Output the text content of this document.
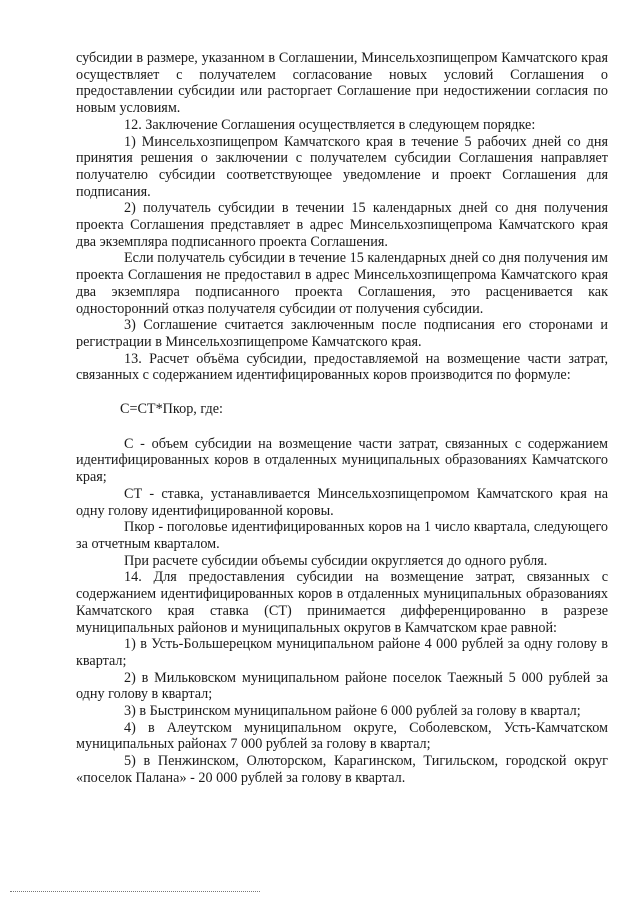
субсидии в размере, указанном в Соглашении, Минсельхозпищепром Камчатского края осуществляет с получателем согласование новых условий Соглашения о предоставлении субсидии или расторгает Соглашение при недостижении согласия по новым условиям.

12. Заключение Соглашения осуществляется в следующем порядке:

1) Минсельхозпищепром Камчатского края в течение 5 рабочих дней со дня принятия решения о заключении с получателем субсидии Соглашения направляет получателю субсидии соответствующее уведомление и проект Соглашения для подписания.

2) получатель субсидии в течении 15 календарных дней со дня получения проекта Соглашения представляет в адрес Минсельхозпищепрома Камчатского края два экземпляра подписанного проекта Соглашения.

Если получатель субсидии в течение 15 календарных дней со дня получения им проекта Соглашения не предоставил в адрес Минсельхозпищепрома Камчатского края два экземпляра подписанного проекта Соглашения, это расценивается как односторонний отказ получателя субсидии от получения субсидии.

3) Соглашение считается заключенным после подписания его сторонами и регистрации в Минсельхозпищепромe Камчатского края.

13. Расчет объёма субсидии, предоставляемой на возмещение части затрат, связанных с содержанием идентифицированных коров производится по формуле:

С=СТ*Пкор, где:

С - объем субсидии на возмещение части затрат, связанных с содержанием идентифицированных коров в отдаленных муниципальных образованиях Камчатского края;

СТ - ставка, устанавливается Минсельхозпищепромом Камчатского края на одну голову идентифицированной коровы.

Пкор - поголовье идентифицированных коров на 1 число квартала, следующего за отчетным кварталом.

При расчете субсидии объемы субсидии округляется до одного рубля.

14. Для предоставления субсидии на возмещение затрат, связанных с содержанием идентифицированных коров в отдаленных муниципальных образованиях Камчатского края ставка (СТ) принимается дифференцированно в разрезе муниципальных районов и муниципальных округов в Камчатском крае равной:

1) в Усть-Большерецком муниципальном районе 4 000 рублей за одну голову в квартал;

2) в Мильковском муниципальном районе поселок Таежный 5 000 рублей за одну голову в квартал;

3) в Быстринском муниципальном районе 6 000 рублей за голову в квартал;

4) в Алеутском муниципальном округе, Соболевском, Усть-Камчатском муниципальных районах 7 000 рублей за голову в квартал;

5) в Пенжинском, Олюторском, Карагинском, Тигильском, городской округ «поселок Палана» - 20 000 рублей за голову в квартал.
